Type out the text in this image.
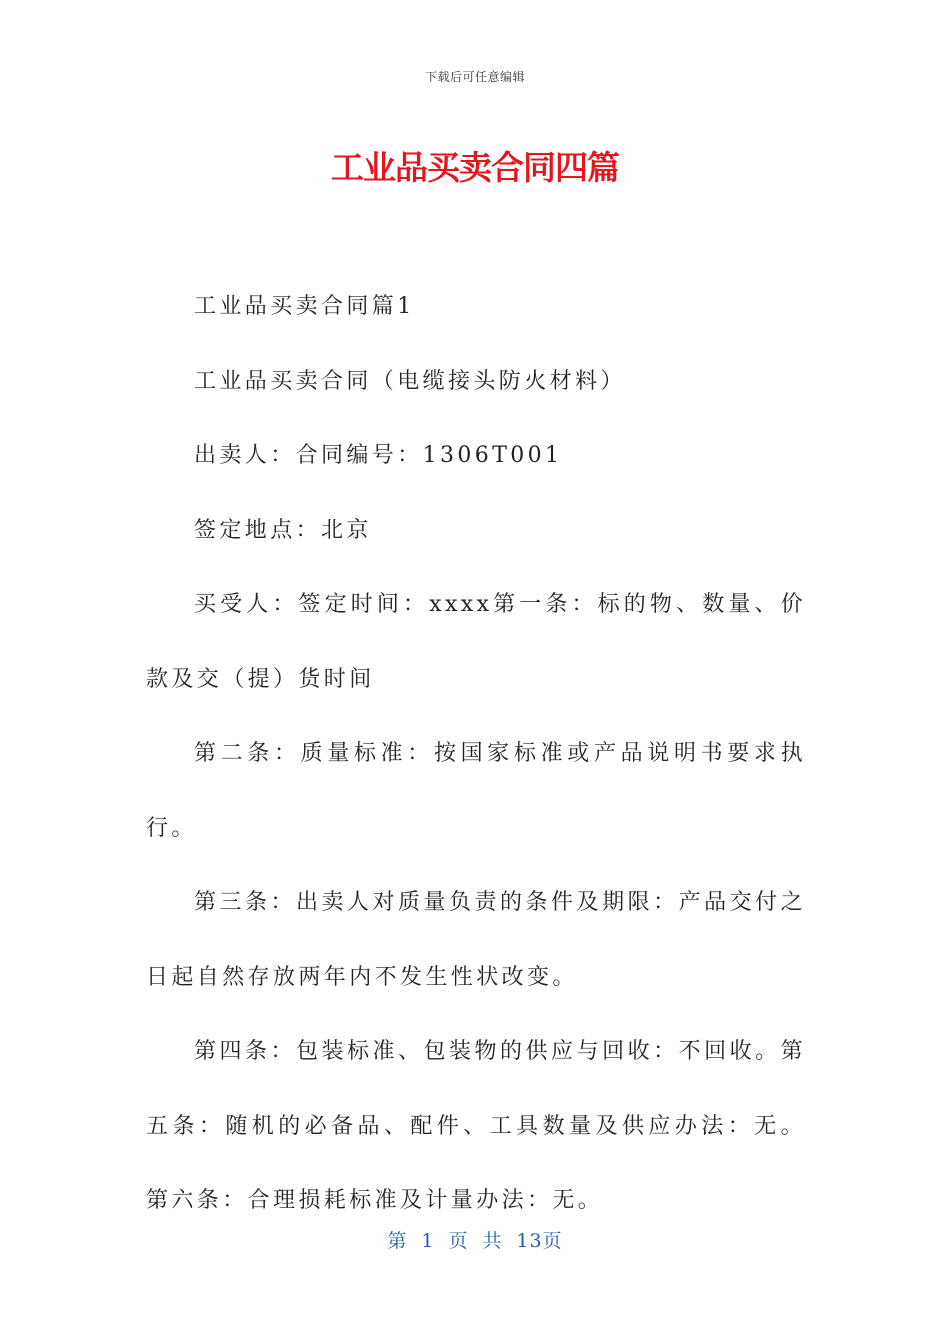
下载后可任意编辑
工业品买卖合同四篇

工业品买卖合同篇1

工业品买卖合同（电缆接头防火材料）

出卖人：合同编号：1306T001

签定地点：北京

买受人：签定时间：xxxx第一条：标的物、数量、价款及交（提）货时间

第二条：质量标准：按国家标准或产品说明书要求执行。

第三条：出卖人对质量负责的条件及期限：产品交付之日起自然存放两年内不发生性状改变。

第四条：包装标准、包装物的供应与回收：不回收。第五条：随机的必备品、配件、工具数量及供应办法：无。第六条：合理损耗标准及计量办法：无。

第 1 页 共 13页
